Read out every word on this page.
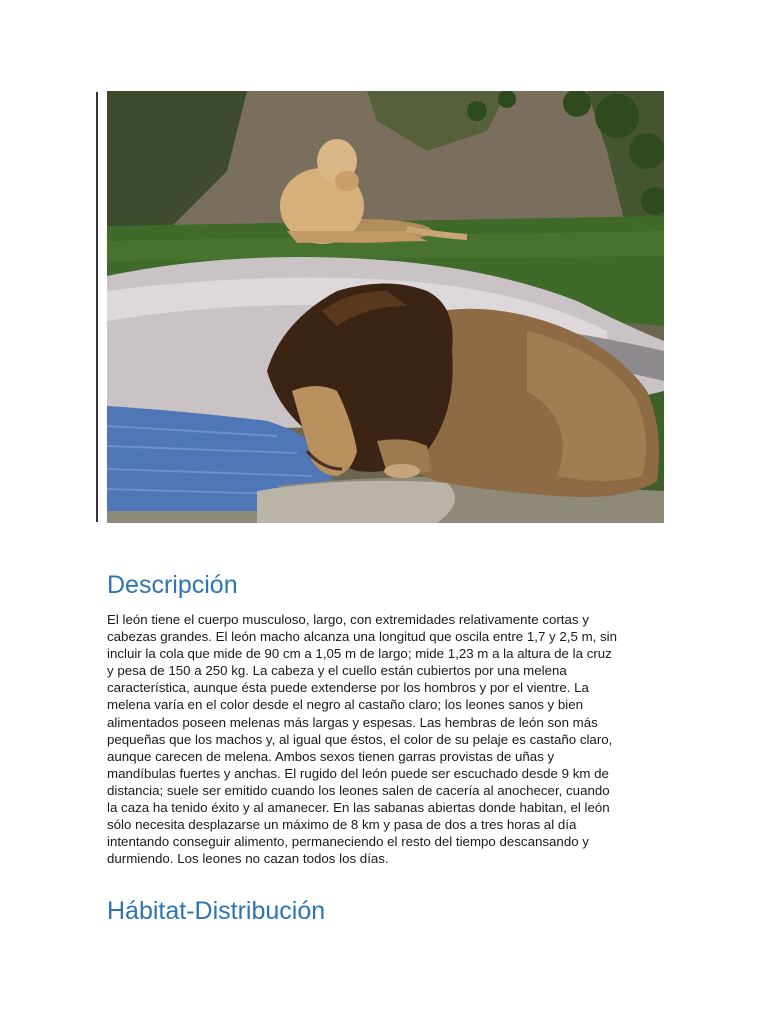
Descripción

El león tiene el cuerpo musculoso, largo, con extremidades relativamente cortas y
cabezas grandes. El león macho alcanza una longitud que oscila entre 1,7 y 2,5 m, sin
incluir la cola que mide de 90 cm a 1,05 m de largo; mide 1,23 m a la altura de la cruz
y pesa de 150 a 250 kg. La cabeza y el cuello están cubiertos por una melena
característica, aunque ésta puede extenderse por los hombros y por el vientre. La
melena varía en el color desde el negro al castaño claro; los leones sanos y bien
alimentados poseen melenas más largas y espesas. Las hembras de león son más
pequeñas que los machos y, al igual que éstos, el color de su pelaje es castaño claro,
aunque carecen de melena. Ambos sexos tienen garras provistas de uñas y
mandíbulas fuertes y anchas. El rugido del león puede ser escuchado desde 9 km de
distancia; suele ser emitido cuando los leones salen de cacería al anochecer, cuando
la caza ha tenido éxito y al amanecer. En las sabanas abiertas donde habitan, el león
sólo necesita desplazarse un máximo de 8 km y pasa de dos a tres horas al día
intentando conseguir alimento, permaneciendo el resto del tiempo descansando y
durmiendo. Los leones no cazan todos los días.

Hábitat-Distribución
